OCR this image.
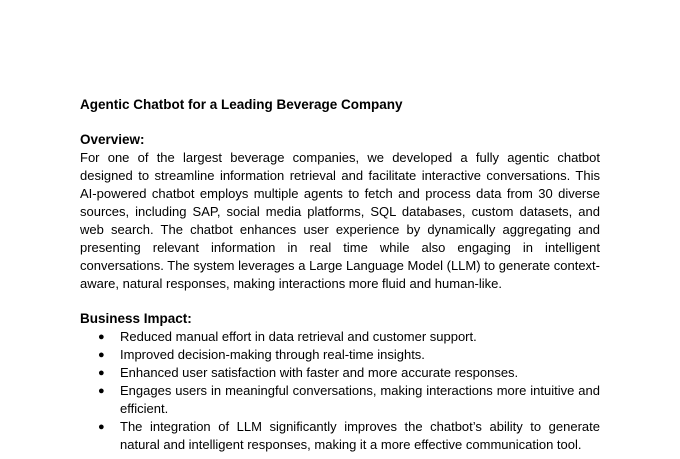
Agentic Chatbot for a Leading Beverage Company
Overview:

For one of the largest beverage companies, we developed a fully agentic chatbot designed to streamline information retrieval and facilitate interactive conversations. This AI-powered chatbot employs multiple agents to fetch and process data from 30 diverse sources, including SAP, social media platforms, SQL databases, custom datasets, and web search. The chatbot enhances user experience by dynamically aggregating and presenting relevant information in real time while also engaging in intelligent conversations. The system leverages a Large Language Model (LLM) to generate context-aware, natural responses, making interactions more fluid and human-like.

Business Impact:
● Reduced manual effort in data retrieval and customer support.
● Improved decision-making through real-time insights.
● Enhanced user satisfaction with faster and more accurate responses.
● Engages users in meaningful conversations, making interactions more intuitive and efficient.
● The integration of LLM significantly improves the chatbot’s ability to generate natural and intelligent responses, making it a more effective communication tool.
